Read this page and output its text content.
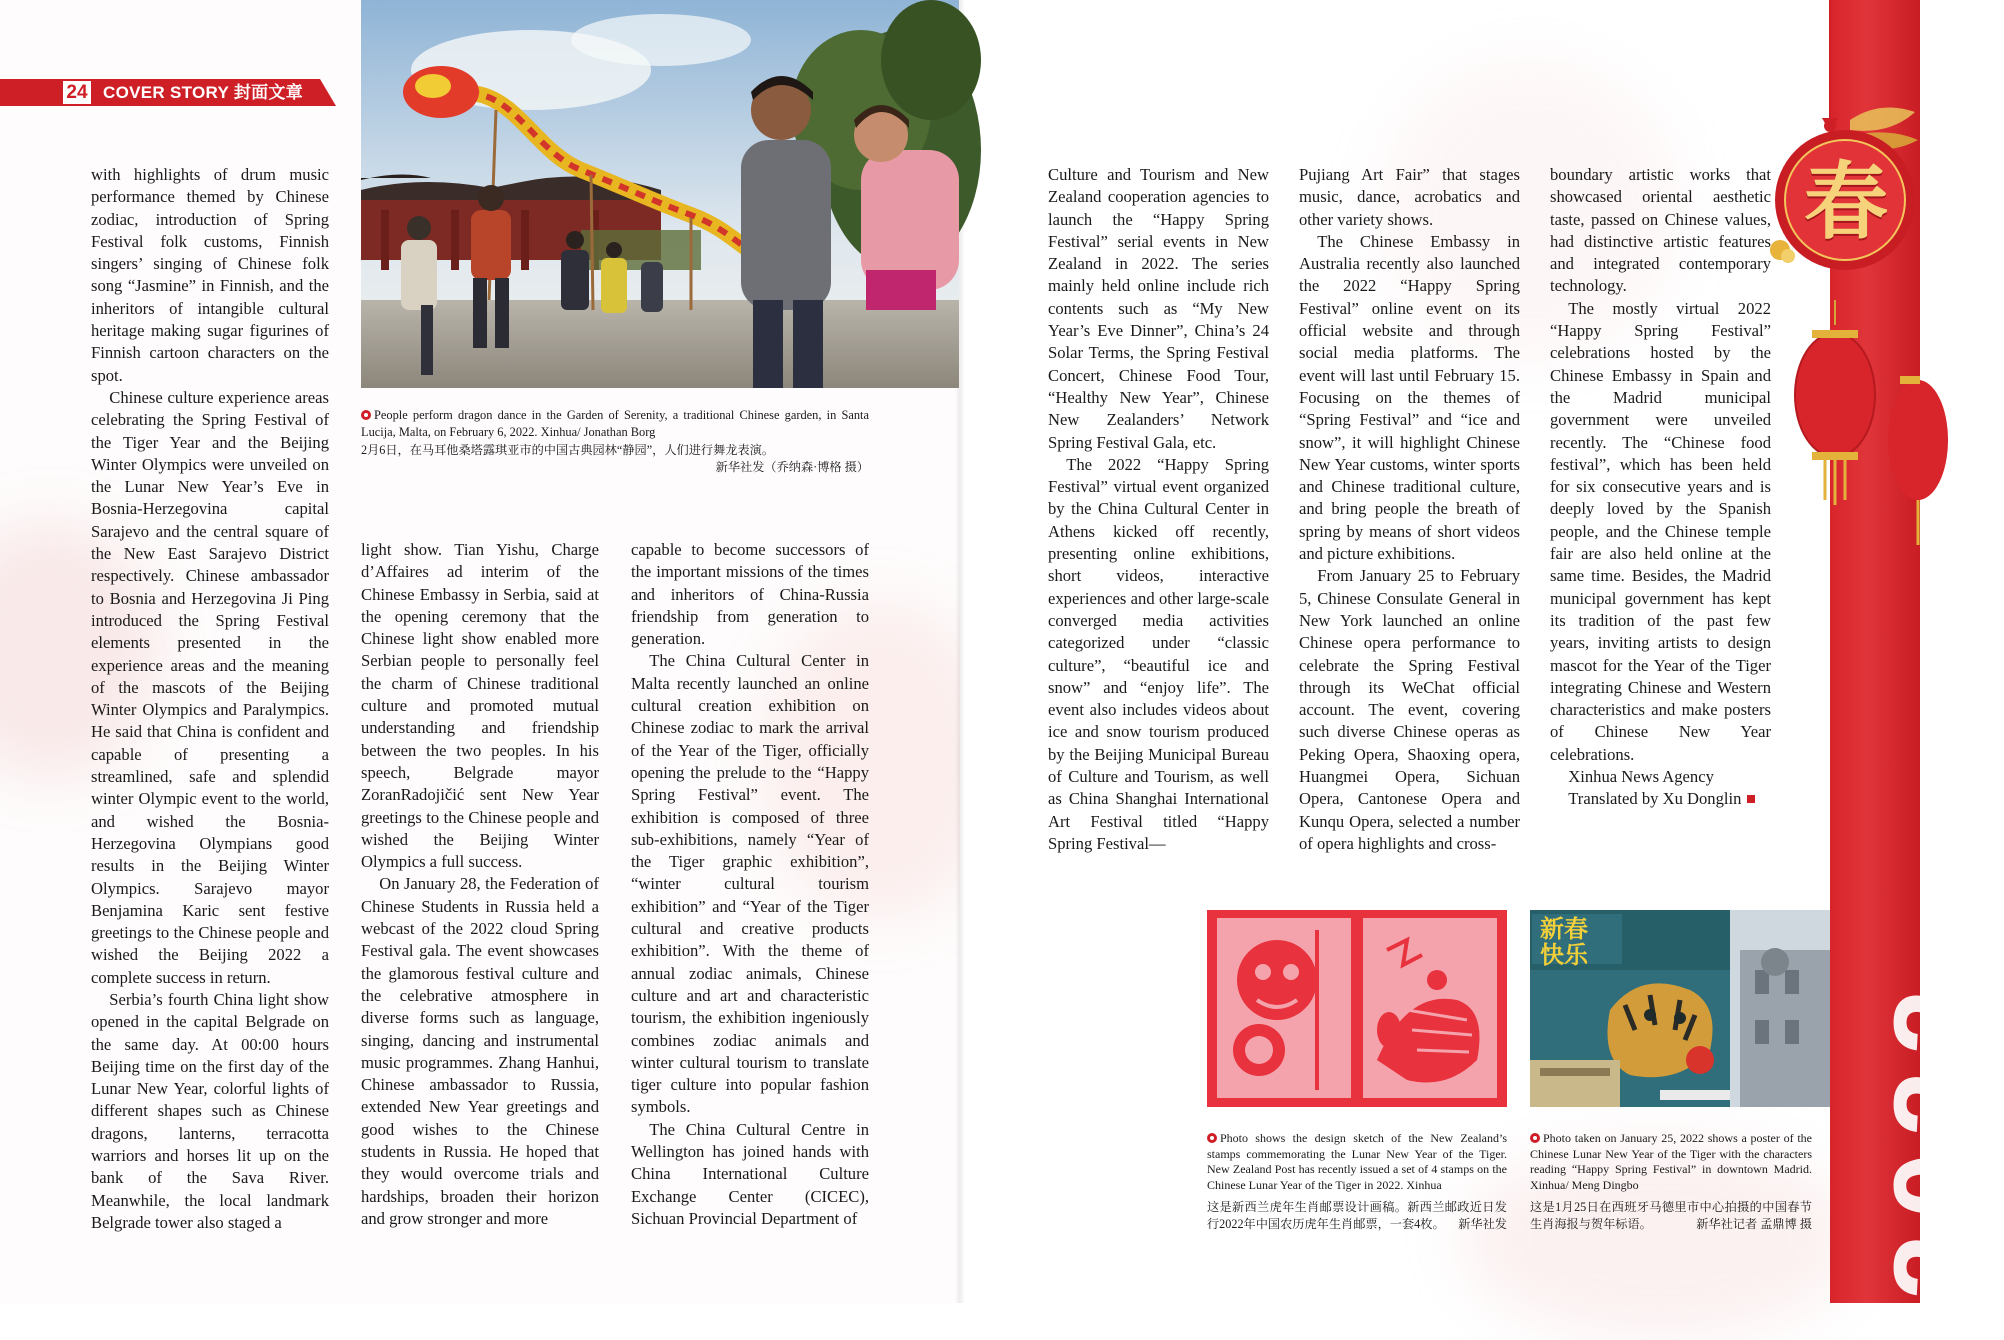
24 COVER STORY 封面文章

People perform dragon dance in the Garden of Serenity, a traditional Chinese garden, in Santa Lucija, Malta, on February 6, 2022. Xinhua/ Jonathan Borg

2月6日，在马耳他桑塔露琪亚市的中国古典园林“静园”，人们进行舞龙表演。
新华社发（乔纳森·博格 摄）

with highlights of drum music performance themed by Chinese zodiac, introduction of Spring Festival folk customs, Finnish singers’ singing of Chinese folk song “Jasmine” in Finnish, and the inheritors of intangible cultural heritage making sugar figurines of Finnish cartoon characters on the spot.

Chinese culture experience areas celebrating the Spring Festival of the Tiger Year and the Beijing Winter Olympics were unveiled on the Lunar New Year’s Eve in Bosnia-Herzegovina capital Sarajevo and the central square of the New East Sarajevo District respectively. Chinese ambassador to Bosnia and Herzegovina Ji Ping introduced the Spring Festival elements presented in the experience areas and the meaning of the mascots of the Beijing Winter Olympics and Paralympics. He said that China is confident and capable of presenting a streamlined, safe and splendid winter Olympic event to the world, and wished the Bosnia-Herzegovina Olympians good results in the Beijing Winter Olympics. Sarajevo mayor Benjamina Karic sent festive greetings to the Chinese people and wished the Beijing 2022 a complete success in return.

Serbia’s fourth China light show opened in the capital Belgrade on the same day. At 00:00 hours Beijing time on the first day of the Lunar New Year, colorful lights of different shapes such as Chinese dragons, lanterns, terracotta warriors and horses lit up on the bank of the Sava River. Meanwhile, the local landmark Belgrade tower also staged a

light show. Tian Yishu, Charge d’Affaires ad interim of the Chinese Embassy in Serbia, said at the opening ceremony that the Chinese light show enabled more Serbian people to personally feel the charm of Chinese traditional culture and promoted mutual understanding and friendship between the two peoples. In his speech, Belgrade mayor ZoranRadojičić sent New Year greetings to the Chinese people and wished the Beijing Winter Olympics a full success.

On January 28, the Federation of Chinese Students in Russia held a webcast of the 2022 cloud Spring Festival gala. The event showcases the glamorous festival culture and the celebrative atmosphere in diverse forms such as language, singing, dancing and instrumental music programmes. Zhang Hanhui, Chinese ambassador to Russia, extended New Year greetings and good wishes to the Chinese students in Russia. He hoped that they would overcome trials and hardships, broaden their horizon and grow stronger and more

capable to become successors of the important missions of the times and inheritors of China-Russia friendship from generation to generation.

The China Cultural Center in Malta recently launched an online cultural creation exhibition on Chinese zodiac to mark the arrival of the Year of the Tiger, officially opening the prelude to the “Happy Spring Festival” event. The exhibition is composed of three sub-exhibitions, namely “Year of the Tiger graphic exhibition”, “winter cultural tourism exhibition” and “Year of the Tiger cultural and creative products exhibition”. With the theme of annual zodiac animals, Chinese culture and art and characteristic tourism, the exhibition ingeniously combines zodiac animals and winter cultural tourism to translate tiger culture into popular fashion symbols.

The China Cultural Centre in Wellington has joined hands with China International Culture Exchange Center (CICEC), Sichuan Provincial Department of

Culture and Tourism and New Zealand cooperation agencies to launch the “Happy Spring Festival” serial events in New Zealand in 2022. The series mainly held online include rich contents such as “My New Year’s Eve Dinner”, China’s 24 Solar Terms, the Spring Festival Concert, Chinese Food Tour, “Healthy New Year”, Chinese New Zealanders’ Network Spring Festival Gala, etc.

The 2022 “Happy Spring Festival” virtual event organized by the China Cultural Center in Athens kicked off recently, presenting online exhibitions, short videos, interactive experiences and other large-scale converged media activities categorized under “classic culture”, “beautiful ice and snow” and “enjoy life”. The event also includes videos about ice and snow tourism produced by the Beijing Municipal Bureau of Culture and Tourism, as well as China Shanghai International Art Festival titled “Happy Spring Festival—

Pujiang Art Fair” that stages music, dance, acrobatics and other variety shows.

The Chinese Embassy in Australia recently also launched the 2022 “Happy Spring Festival” online event on its official website and through social media platforms. The event will last until February 15. Focusing on the themes of “Spring Festival” and “ice and snow”, it will highlight Chinese New Year customs, winter sports and Chinese traditional culture, and bring people the breath of spring by means of short videos and picture exhibitions.

From January 25 to February 5, Chinese Consulate General in New York launched an online Chinese opera performance to celebrate the Spring Festival through its WeChat official account. The event, covering such diverse Chinese operas as Peking Opera, Shaoxing opera, Huangmei Opera, Sichuan Opera, Cantonese Opera and Kunqu Opera, selected a number of opera highlights and cross-

boundary artistic works that showcased oriental aesthetic taste, passed on Chinese values, had distinctive artistic features and integrated contemporary technology.

The mostly virtual 2022 “Happy Spring Festival” celebrations hosted by the Chinese Embassy in Spain and the Madrid municipal government were unveiled recently. The “Chinese food festival”, which has been held for six consecutive years and is deeply loved by the Spanish people, and the Chinese temple fair are also held online at the same time. Besides, the Madrid municipal government has kept its tradition of the past few years, inviting artists to design mascot for the Year of the Tiger integrating Chinese and Western characteristics and make posters of Chinese New Year celebrations.

Xinhua News Agency

Translated by Xu Donglin

新春快乐

Photo shows the design sketch of the New Zealand’s stamps commemorating the Lunar New Year of the Tiger. New Zealand Post has recently issued a set of 4 stamps on the Chinese Lunar Year of the Tiger in 2022. Xinhua

这是新西兰虎年生肖邮票设计画稿。新西兰邮政近日发行2022年中国农历虎年生肖邮票，一套4枚。 新华社发

Photo taken on January 25, 2022 shows a poster of the Chinese Lunar New Year of the Tiger with the characters reading “Happy Spring Festival” in downtown Madrid. Xinhua/ Meng Dingbo

这是1月25日在西班牙马德里市中心拍摄的中国春节生肖海报与贺年标语。	新华社记者 孟鼎博 摄

春
2022
